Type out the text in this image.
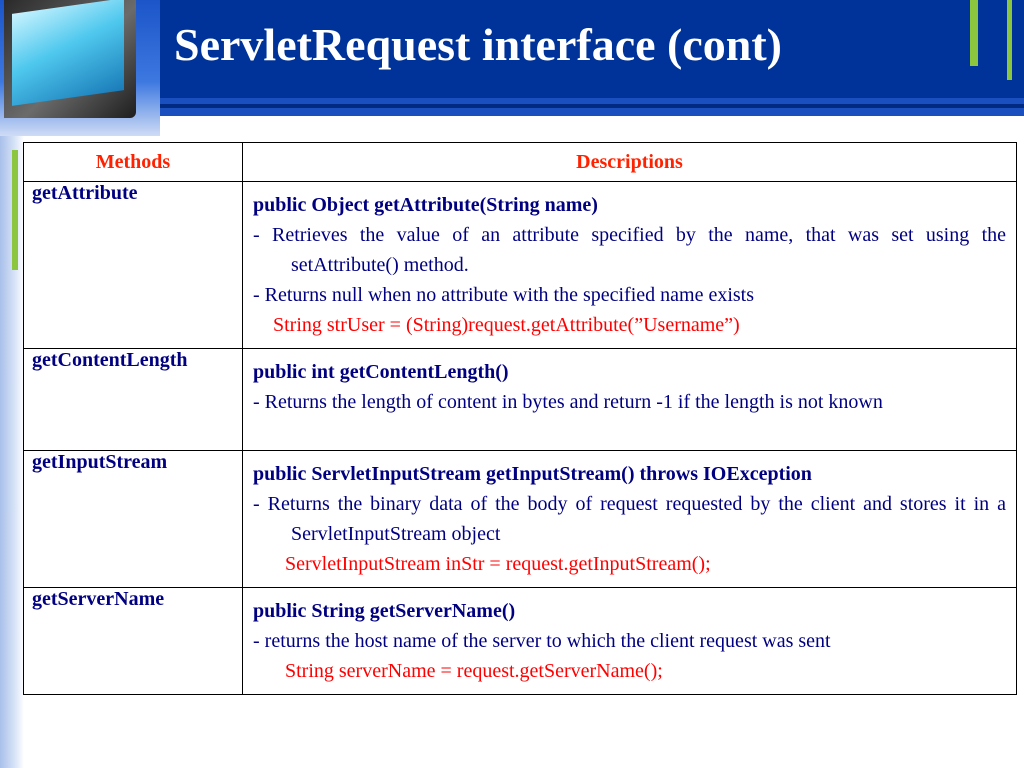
ServletRequest interface (cont)
Methods	Descriptions
getAttribute	public Object getAttribute(String name)
- Retrieves the value of an attribute specified by the name, that was set using the setAttribute() method.
- Returns null when no attribute with the specified name exists
String strUser = (String)request.getAttribute(”Username”)

getContentLength	public int getContentLength()
- Returns the length of content in bytes and return -1 if the length is not known

getInputStream	public ServletInputStream getInputStream() throws IOException
- Returns the binary data of the body of request requested by the client and stores it in a ServletInputStream object
ServletInputStream inStr = request.getInputStream();

getServerName	public String getServerName()
- returns the host name of the server to which the client request was sent
String serverName = request.getServerName();
